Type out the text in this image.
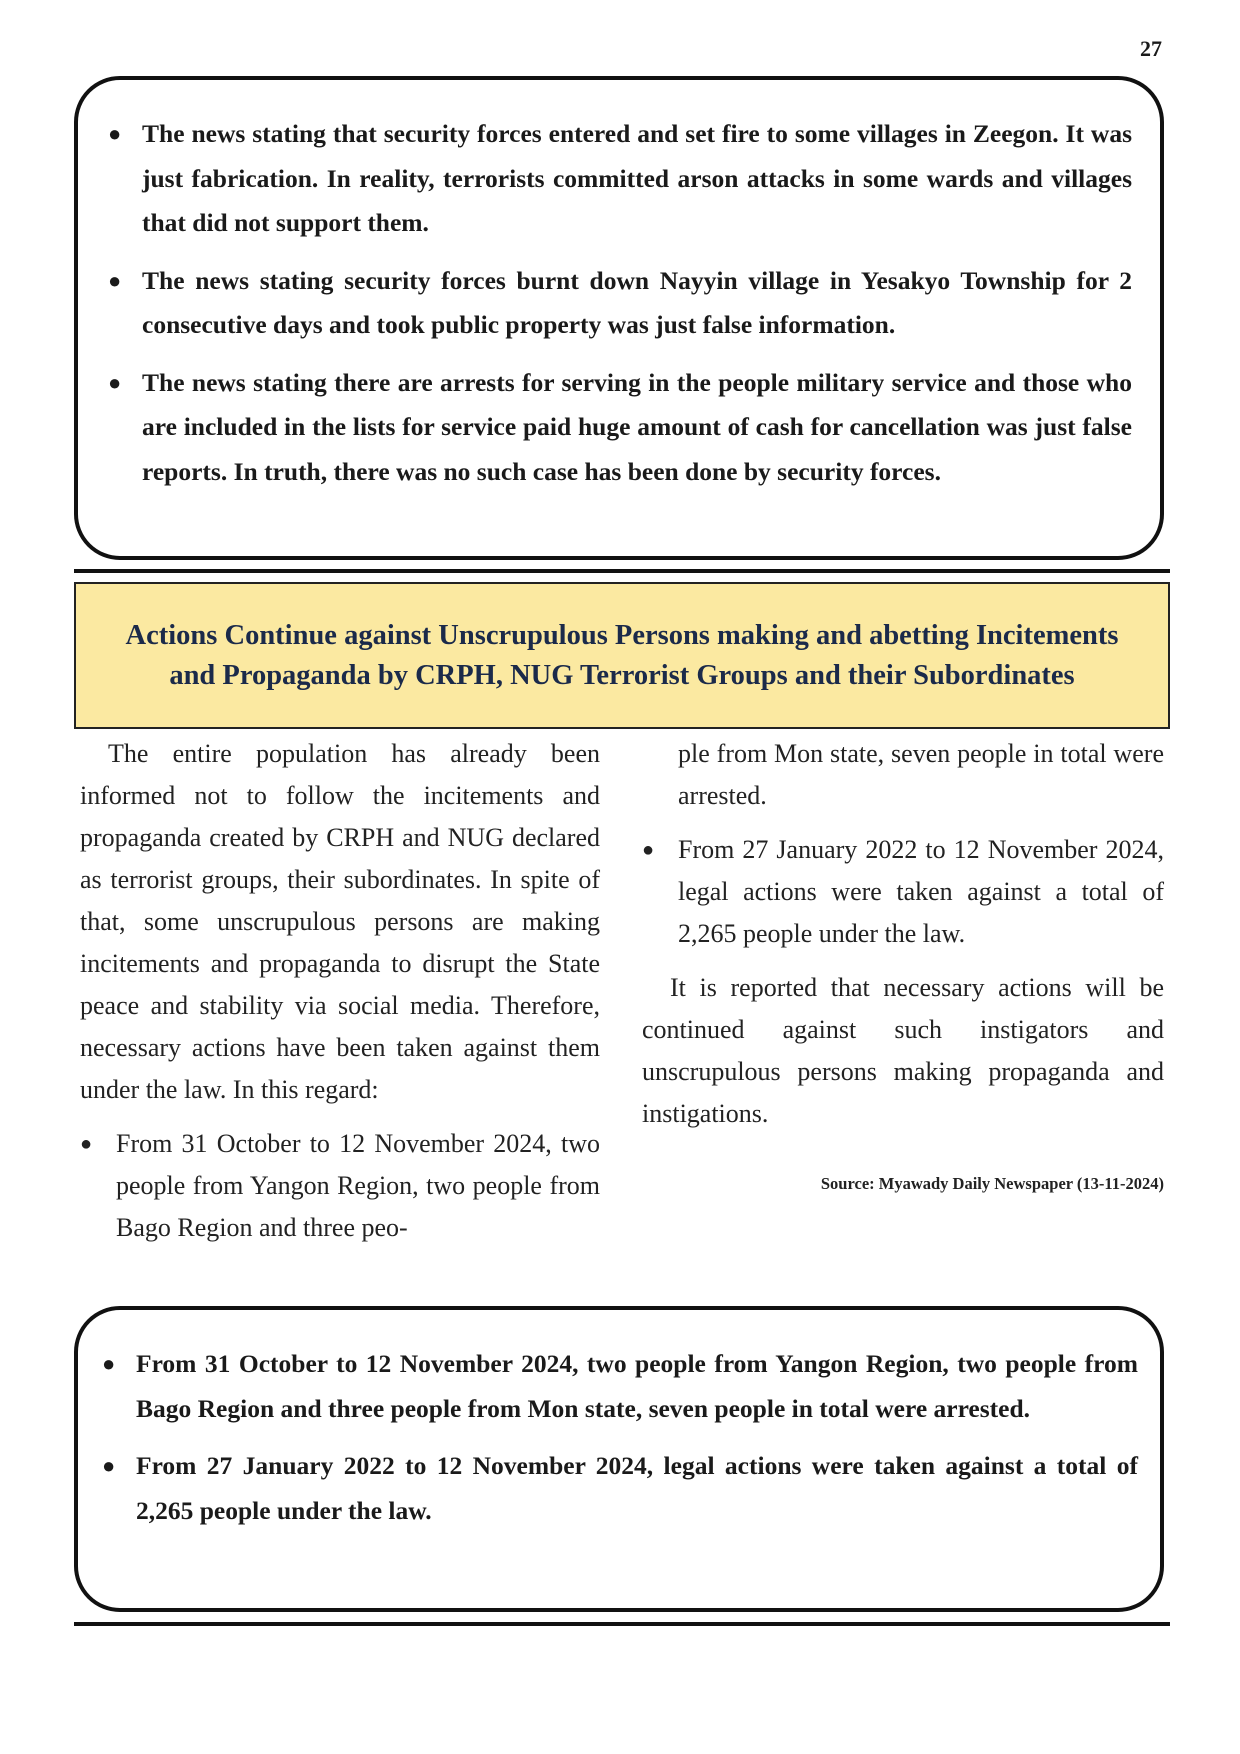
27
● The news stating that security forces entered and set fire to some villages in Zeegon. It was just fabrication. In reality, terrorists committed arson attacks in some wards and villages that did not support them.
● The news stating security forces burnt down Nayyin village in Yesakyo Township for 2 consecutive days and took public property was just false information.
● The news stating there are arrests for serving in the people military service and those who are included in the lists for service paid huge amount of cash for cancellation was just false reports. In truth, there was no such case has been done by security forces.
Actions Continue against Unscrupulous Persons making and abetting Incitements and Propaganda by CRPH, NUG Terrorist Groups and their Subordinates

The entire population has already been informed not to follow the incitements and propaganda created by CRPH and NUG declared as terrorist groups, their subordinates. In spite of that, some unscrupulous persons are making incitements and propaganda to disrupt the State peace and stability via social media. Therefore, necessary actions have been taken against them under the law. In this regard:

● From 31 October to 12 November 2024, two people from Yangon Region, two people from Bago Region and three peo-
ple from Mon state, seven people in total were arrested.
● From 27 January 2022 to 12 November 2024, legal actions were taken against a total of 2,265 people under the law.

It is reported that necessary actions will be continued against such instigators and unscrupulous persons making propaganda and instigations.

Source: Myawady Daily Newspaper (13-11-2024)
● From 31 October to 12 November 2024, two people from Yangon Region, two people from Bago Region and three people from Mon state, seven people in total were arrested.
● From 27 January 2022 to 12 November 2024, legal actions were taken against a total of 2,265 people under the law.
